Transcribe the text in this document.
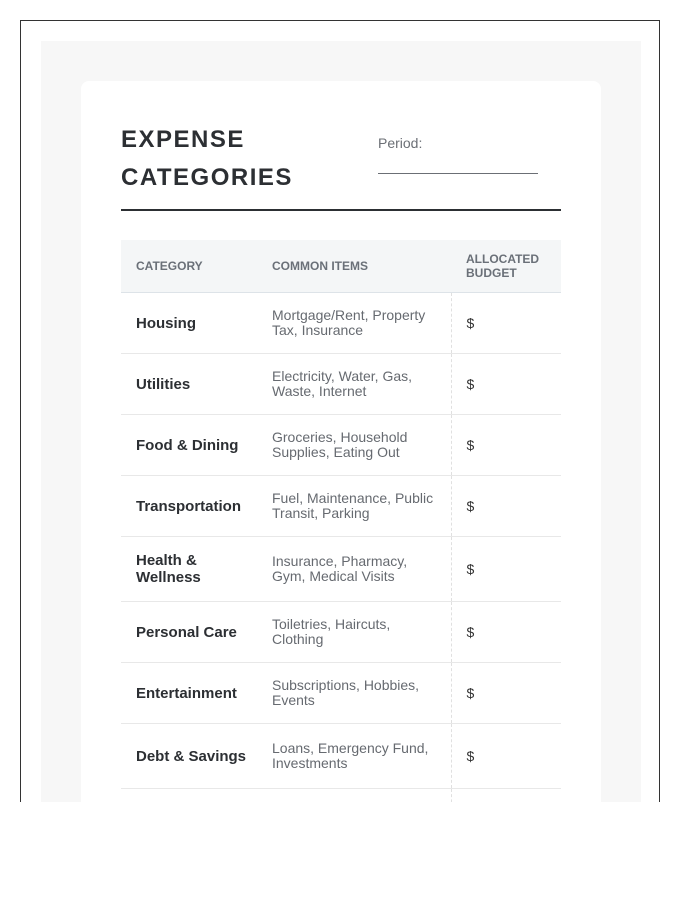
EXPENSE CATEGORIES
Period:
CATEGORY	COMMON ITEMS	ALLOCATED BUDGET
Housing	Mortgage/Rent, Property Tax, Insurance	$
Utilities	Electricity, Water, Gas, Waste, Internet	$
Food & Dining	Groceries, Household Supplies, Eating Out	$
Transportation	Fuel, Maintenance, Public Transit, Parking	$
Health & Wellness	Insurance, Pharmacy, Gym, Medical Visits	$
Personal Care	Toiletries, Haircuts, Clothing	$
Entertainment	Subscriptions, Hobbies, Events	$
Debt & Savings	Loans, Emergency Fund, Investments	$
